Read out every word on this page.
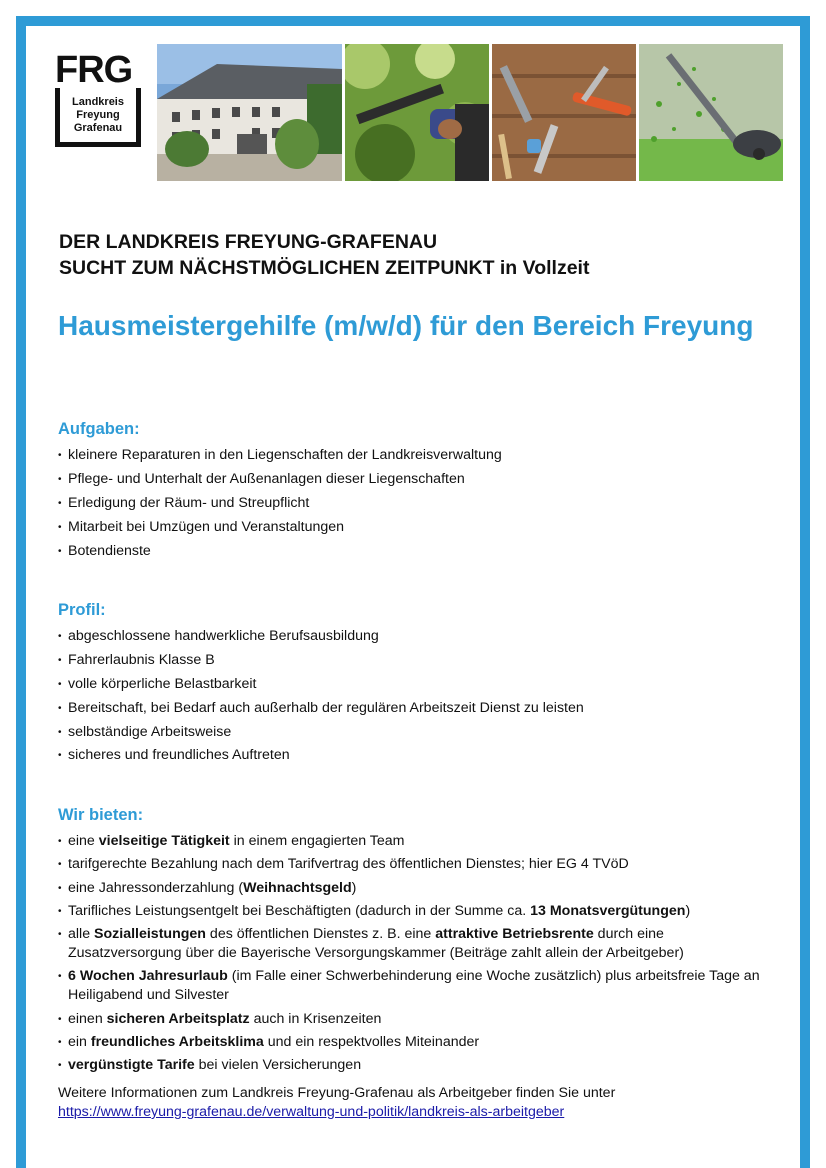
FRG
Landkreis
Freyung
Grafenau
DER LANDKREIS FREYUNG-GRAFENAU
SUCHT ZUM NÄCHSTMÖGLICHEN ZEITPUNKT in Vollzeit
Hausmeistergehilfe (m/w/d) für den Bereich Freyung
Aufgaben:
• kleinere Reparaturen in den Liegenschaften der Landkreisverwaltung
• Pflege- und Unterhalt der Außenanlagen dieser Liegenschaften
• Erledigung der Räum- und Streupflicht
• Mitarbeit bei Umzügen und Veranstaltungen
• Botendienste
Profil:
• abgeschlossene handwerkliche Berufsausbildung
• Fahrerlaubnis Klasse B
• volle körperliche Belastbarkeit
• Bereitschaft, bei Bedarf auch außerhalb der regulären Arbeitszeit Dienst zu leisten
• selbständige Arbeitsweise
• sicheres und freundliches Auftreten
Wir bieten:
• eine vielseitige Tätigkeit in einem engagierten Team
• tarifgerechte Bezahlung nach dem Tarifvertrag des öffentlichen Dienstes; hier EG 4 TVöD
• eine Jahressonderzahlung (Weihnachtsgeld)
• Tarifliches Leistungsentgelt bei Beschäftigten (dadurch in der Summe ca. 13 Monatsvergütungen)
• alle Sozialleistungen des öffentlichen Dienstes z. B. eine attraktive Betriebsrente durch eine Zusatzversorgung über die Bayerische Versorgungskammer (Beiträge zahlt allein der Arbeitgeber)
• 6 Wochen Jahresurlaub (im Falle einer Schwerbehinderung eine Woche zusätzlich) plus arbeitsfreie Tage an Heiligabend und Silvester
• einen sicheren Arbeitsplatz auch in Krisenzeiten
• ein freundliches Arbeitsklima und ein respektvolles Miteinander
• vergünstigte Tarife bei vielen Versicherungen
Weitere Informationen zum Landkreis Freyung-Grafenau als Arbeitgeber finden Sie unter
https://www.freyung-grafenau.de/verwaltung-und-politik/landkreis-als-arbeitgeber
